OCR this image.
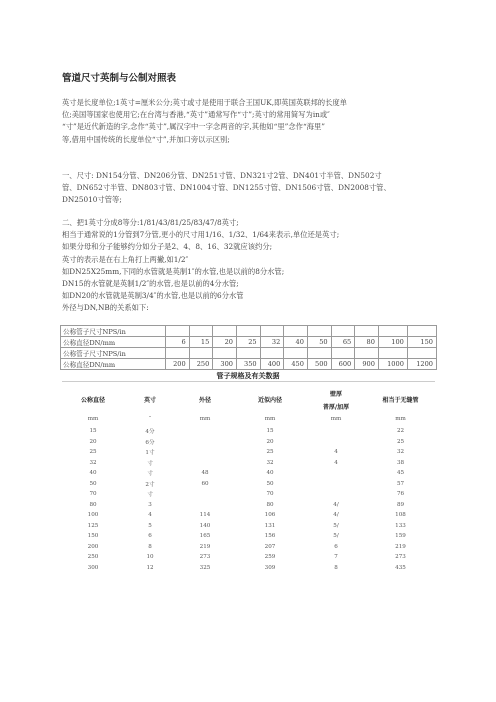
管道尺寸英制与公制对照表
英寸是长度单位;1英寸=厘米公分;英寸或寸是使用于联合王国UK,即英国英联邦的长度单
位;美国等国家也使用它;在台湾与香港,“英寸”通常写作“寸”;英寸的常用简写为in或″
“寸”是近代新造的字,念作“英寸”,属汉字中一字念两音的字,其他如“里”念作“海里”
等,借用中国传统的长度单位“寸”,并加口旁以示区别;
一、尺寸: DN154分管、DN206分管、DN251寸管、DN321寸2管、DN401寸半管、DN502寸
管、DN652寸半管、DN803寸管、DN1004寸管、DN1255寸管、DN1506寸管、DN2008寸管、
DN25010寸管等;
二、把1英寸分成8等分:1/81/43/81/25/83/47/8英寸;
相当于通常说的1分管到7分管,更小的尺寸用1/16、1/32、1/64来表示,单位还是英寸;
如果分母和分子能够约分如分子是2、4、8、16、32就应该约分;
英寸的表示是在右上角打上两撇,如1/2″
如DN25X25mm,下同的水管就是英制1″的水管,也是以前的8分水管;
DN15的水管就是英制1/2″的水管,也是以前的4分水管;
如DN20的水管就是英制3/4″的水管,也是以前的6分水管
外径与DN,NB的关系如下:
公称管子尺寸NPS/in											
公称直径DN/mm	6	15	20	25	32	40	50	65	80	100	150
公称管子尺寸NPS/in											
公称直径DN/mm	200	250	300	350	400	450	500	600	900	1000	1200
管子规格及有关数据
公称直径	英寸	外径	近似内径	壁厚	相当于无缝管
				普厚/加厚	
mm	″	mm	mm	mm	mm
15	4分		15		22
20	6分		20		25
25	1寸		25	4	32
32	寸		32	4	38
40	寸	48	40		45
50	2寸	60	50		57
70	寸		70		76
80	3		80	4/	89
100	4	114	106	4/	108
125	5	140	131	5/	133
150	6	165	156	5/	159
200	8	219	207	6	219
250	10	273	259	7	273
300	12	325	309	8	435
